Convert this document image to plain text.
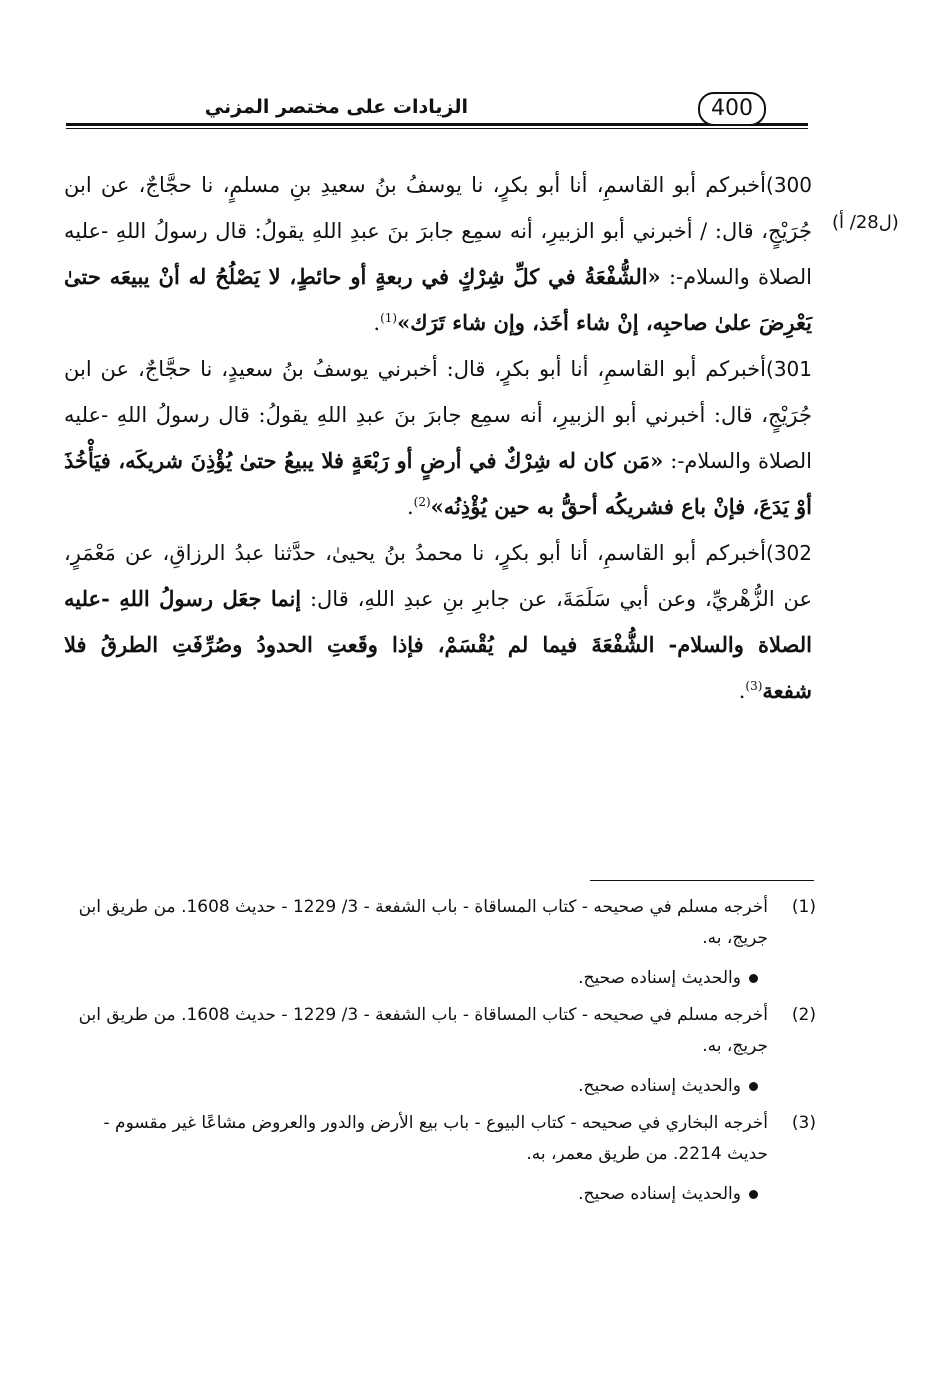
الزيادات على مختصر المزني	400
(ل28/ أ)

300)أخبركم أبو القاسمِ، أنا أبو بكرٍ، نا يوسفُ بنُ سعيدِ بنِ مسلمٍ، نا حجَّاجٌ، عن ابن جُرَيْجٍ، قال: / أخبرني أبو الزبيرِ، أنه سمِع جابرَ بنَ عبدِ اللهِ يقولُ: قال رسولُ اللهِ -عليه الصلاة والسلام-: «الشُّفْعَةُ في كلِّ شِرْكٍ في ربعةٍ أو حائطٍ، لا يَصْلُحُ له أنْ يبيعَه حتىٰ يَعْرِضَ علىٰ صاحبِه، إنْ شاء أخَذ، وإن شاء تَرَك»$^{(1)}$.

301)أخبركم أبو القاسمِ، أنا أبو بكرٍ، قال: أخبرني يوسفُ بنُ سعيدٍ، نا حجَّاجٌ، عن ابن جُرَيْجٍ، قال: أخبرني أبو الزبيرِ، أنه سمِع جابرَ بنَ عبدِ اللهِ يقولُ: قال رسولُ اللهِ -عليه الصلاة والسلام-: «مَن كان له شِرْكٌ في أرضٍ أو رَبْعَةٍ فلا يبيعُ حتىٰ يُؤْذِنَ شريكَه، فيَأْخُذَ أوْ يَدَعَ، فإنْ باع فشريكُه أحقُّ به حين يُؤْذِنُه»$^{(2)}$.

302)أخبركم أبو القاسمِ، أنا أبو بكرٍ، نا محمدُ بنُ يحيىٰ، حدَّثنا عبدُ الرزاقِ، عن مَعْمَرٍ، عن الزُّهْريِّ، وعن أبي سَلَمَةَ، عن جابرِ بنِ عبدِ اللهِ، قال: إنما جعَل رسولُ اللهِ -عليه الصلاة والسلام- الشُّفْعَةَ فيما لم يُقْسَمْ، فإذا وقَعتِ الحدودُ وصُرِّفَتِ الطرقُ فلا شفعة$^{(3)}$.

(1)
أخرجه مسلم في صحيحه - كتاب المساقاة - باب الشفعة - 3/ 1229 - حديث 1608. من طريق ابن جريج، به.

والحديث إسناده صحيح.

(2)
أخرجه مسلم في صحيحه - كتاب المساقاة - باب الشفعة - 3/ 1229 - حديث 1608. من طريق ابن جريج، به.

والحديث إسناده صحيح.

(3)
أخرجه البخاري في صحيحه - كتاب البيوع - باب بيع الأرض والدور والعروض مشاعًا غير مقسوم - حديث 2214. من طريق معمر، به.

والحديث إسناده صحيح.
